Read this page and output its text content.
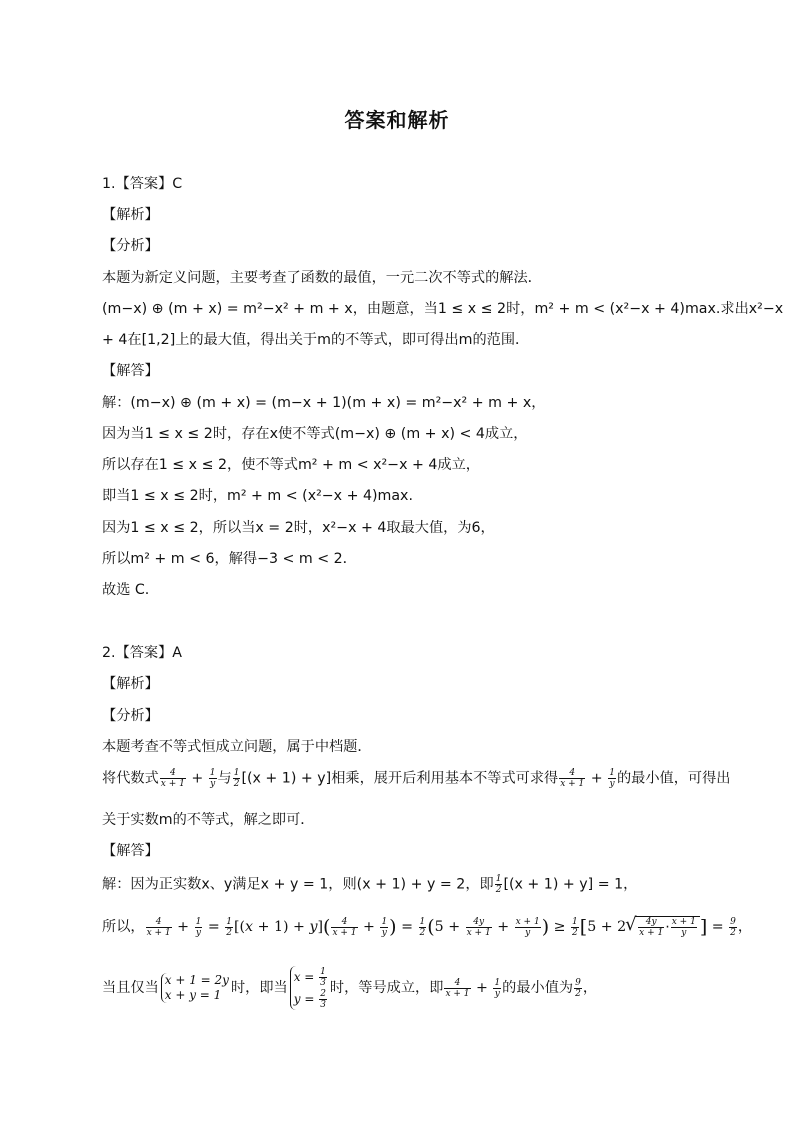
答案和解析
1.【答案】C
【解析】
【分析】
本题为新定义问题，主要考查了函数的最值，一元二次不等式的解法．
(m−x) ⊕ (m + x) = m²−x² + m + x，由题意，当1 ≤ x ≤ 2时，m² + m < (x²−x + 4)max.求出x²−x
+ 4在[1,2]上的最大值，得出关于m的不等式，即可得出m的范围．
【解答】
解：(m−x) ⊕ (m + x) = (m−x + 1)(m + x) = m²−x² + m + x，
因为当1 ≤ x ≤ 2时，存在x使不等式(m−x) ⊕ (m + x) < 4成立，
所以存在1 ≤ x ≤ 2，使不等式m² + m < x²−x + 4成立，
即当1 ≤ x ≤ 2时，m² + m < (x²−x + 4)max.
因为1 ≤ x ≤ 2，所以当x = 2时，x²−x + 4取最大值，为6，
所以m² + m < 6，解得−3 < m < 2．
故选 C.
2.【答案】A
【解析】
【分析】
本题考查不等式恒成立问题，属于中档题．
将代数式 $\frac{4}{x + 1} + \frac{1}{y}$ 与 $\frac{1}{2} [(x + 1) + y]$相乘，展开后利用基本不等式可求得 $\frac{4}{x + 1} + \frac{1}{y}$ 的最小值，可得出
关于实数m的不等式，解之即可．
【解答】
解：因为正实数x、y满足x + y = 1，则(x + 1) + y = 2，即 $\frac{1}{2} [(x + 1) + y] = 1$，
所以， $\frac{4}{x + 1} + \frac{1}{y} = \frac{1}{2} [(x + 1) + y]( \frac{4}{x + 1} + \frac{1}{y}$ ) = $\frac{1}{2} (5 + \frac{4y}{x + 1} + \frac{x + 1}{y}$ ) ≥ $\frac{1}{2} [5 + 2$
√ $\frac{4y}{x + 1} \cdot \frac{x + 1}{y}$ ] = $\frac{9}{2}$ ，
当且仅当 x + 1 = 2y
x + y = 1 时，即当
$x = \frac{1}{3}$
$y = \frac{2}{3}$
时，等号成立，即 $\frac{4}{x + 1} + \frac{1}{y}$ 的最小值为 $\frac{9}{2}$ ，
